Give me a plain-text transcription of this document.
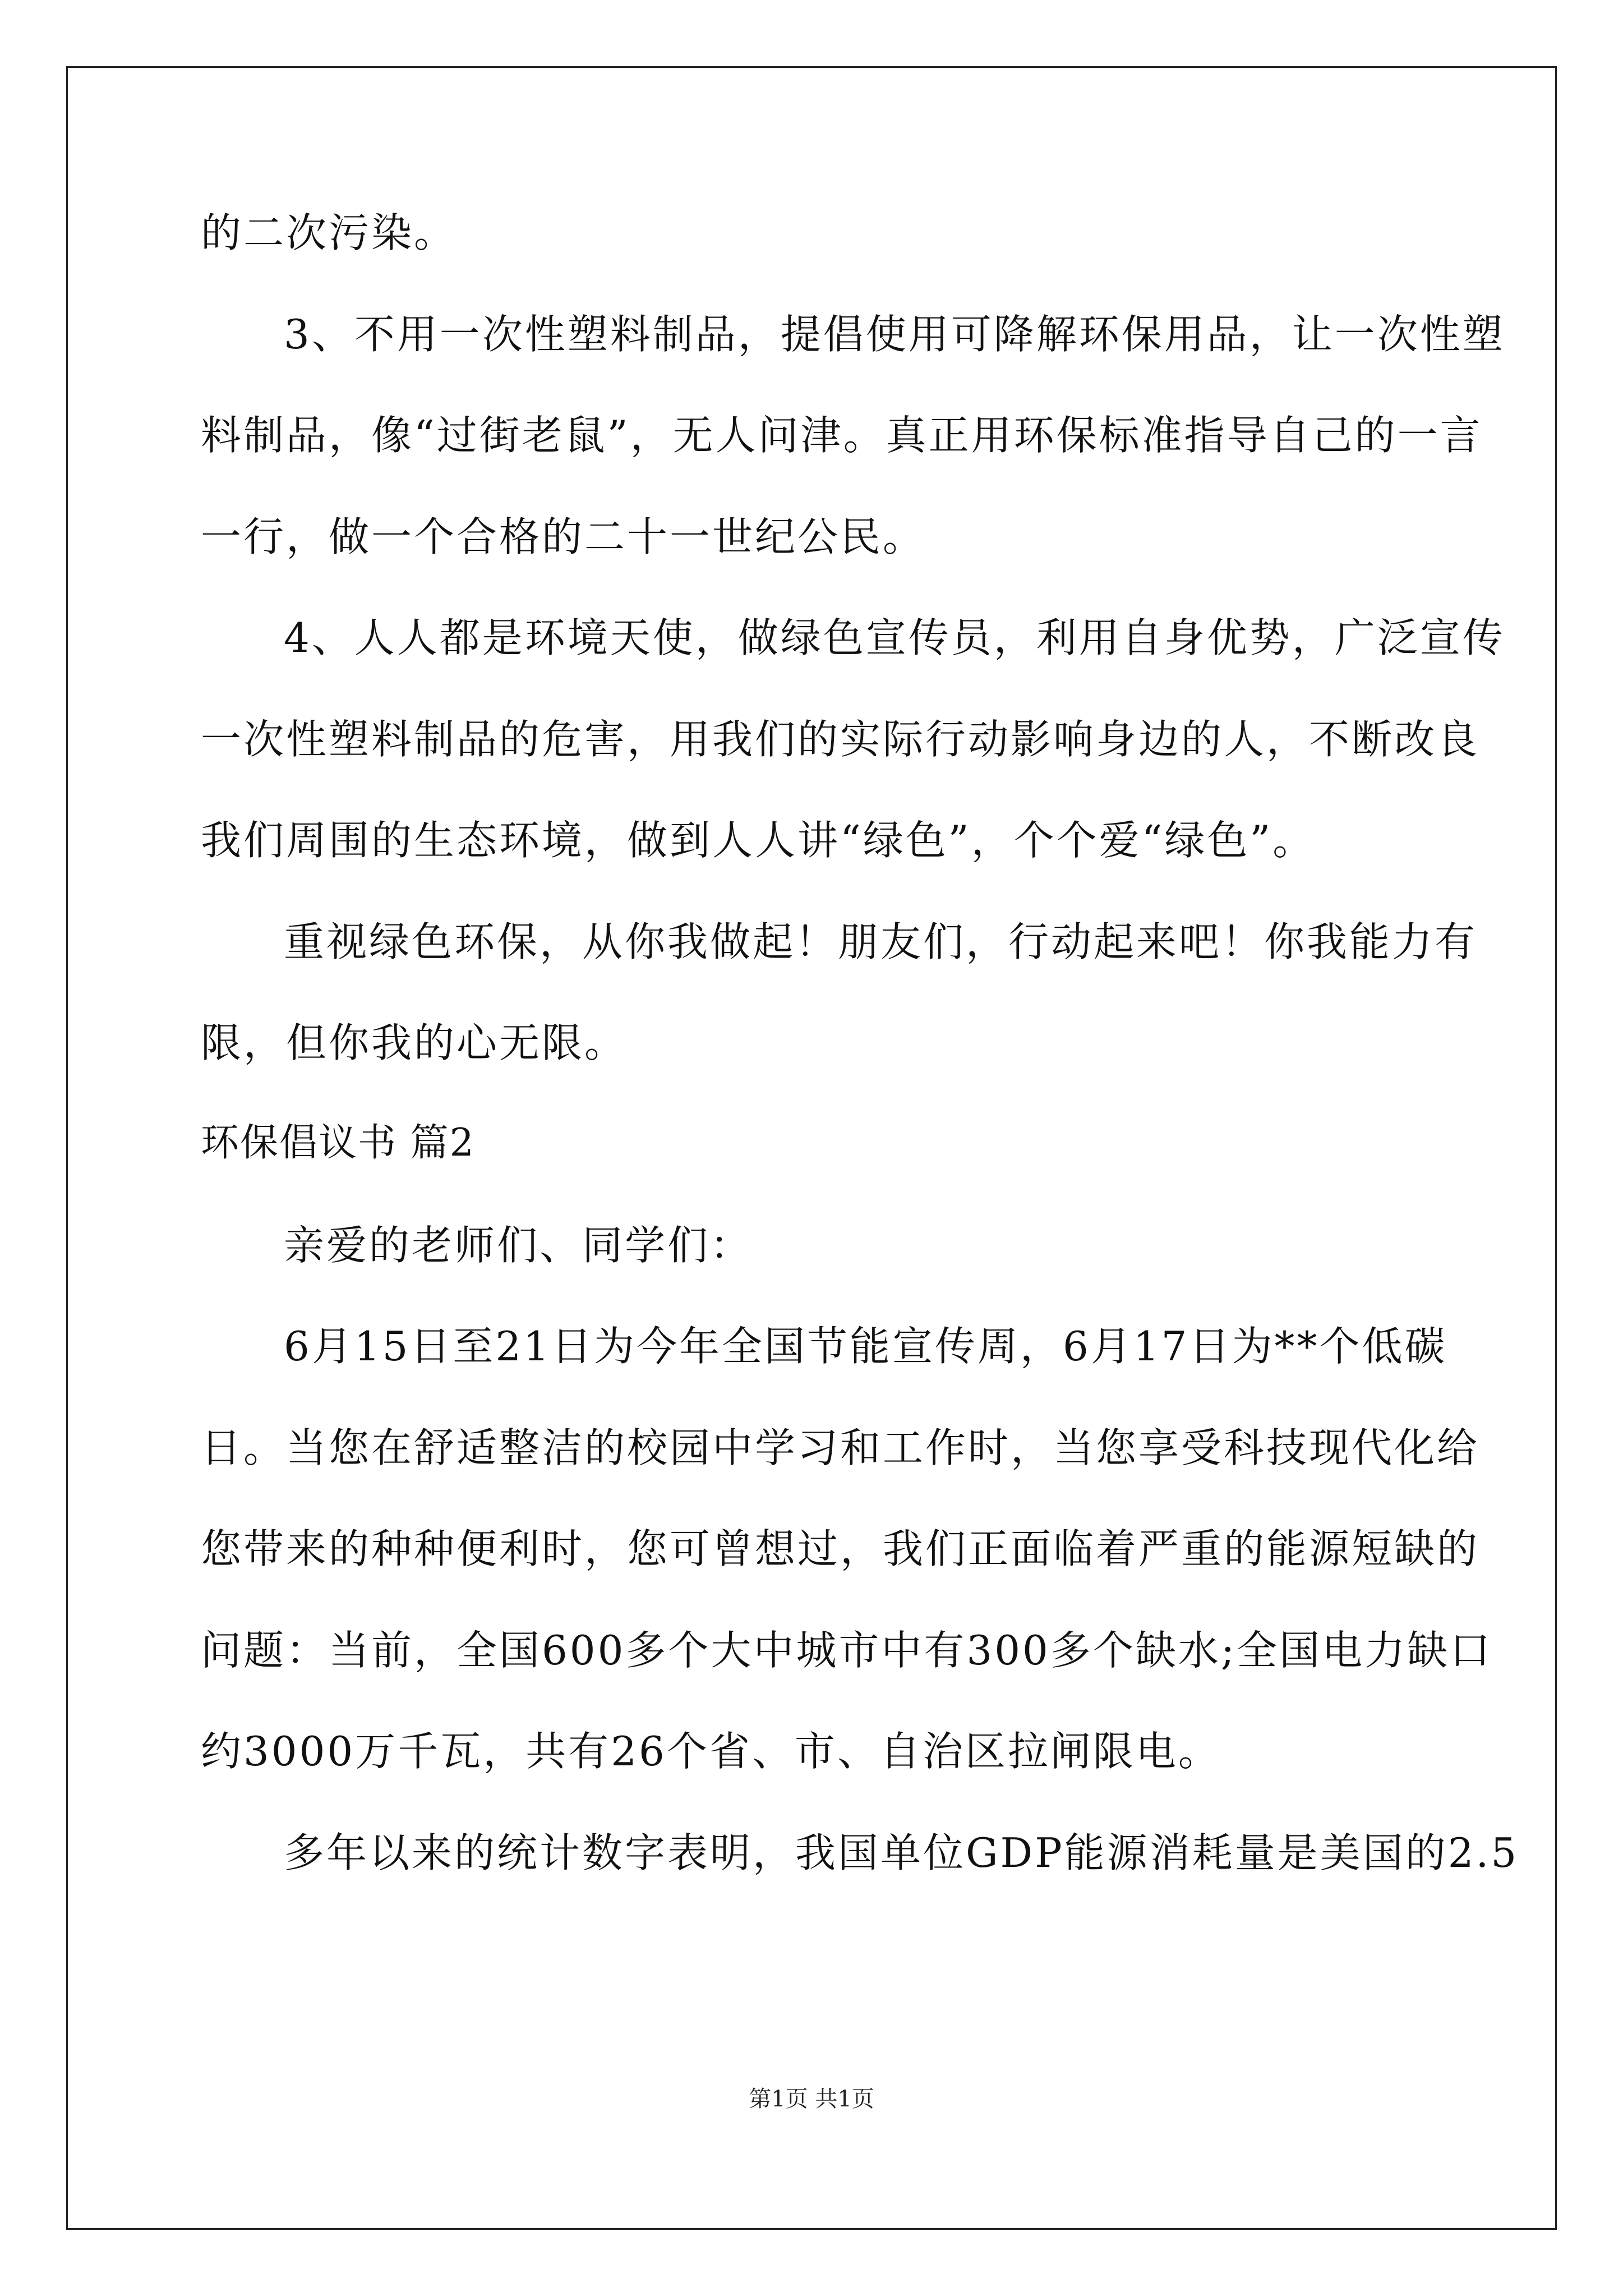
的二次污染。
3、不用一次性塑料制品，提倡使用可降解环保用品，让一次性塑
料制品，像“过街老鼠”，无人问津。真正用环保标准指导自己的一言
一行，做一个合格的二十一世纪公民。
4、人人都是环境天使，做绿色宣传员，利用自身优势，广泛宣传
一次性塑料制品的危害，用我们的实际行动影响身边的人，不断改良
我们周围的生态环境，做到人人讲“绿色”，个个爱“绿色”。
重视绿色环保，从你我做起！朋友们，行动起来吧！你我能力有
限，但你我的心无限。
环保倡议书 篇2
亲爱的老师们、同学们：
6月15日至21日为今年全国节能宣传周，6月17日为**个低碳
日。当您在舒适整洁的校园中学习和工作时，当您享受科技现代化给
您带来的种种便利时，您可曾想过，我们正面临着严重的能源短缺的
问题：当前，全国600多个大中城市中有300多个缺水;全国电力缺口
约3000万千瓦，共有26个省、市、自治区拉闸限电。
多年以来的统计数字表明，我国单位GDP能源消耗量是美国的2.5
第1页 共1页
